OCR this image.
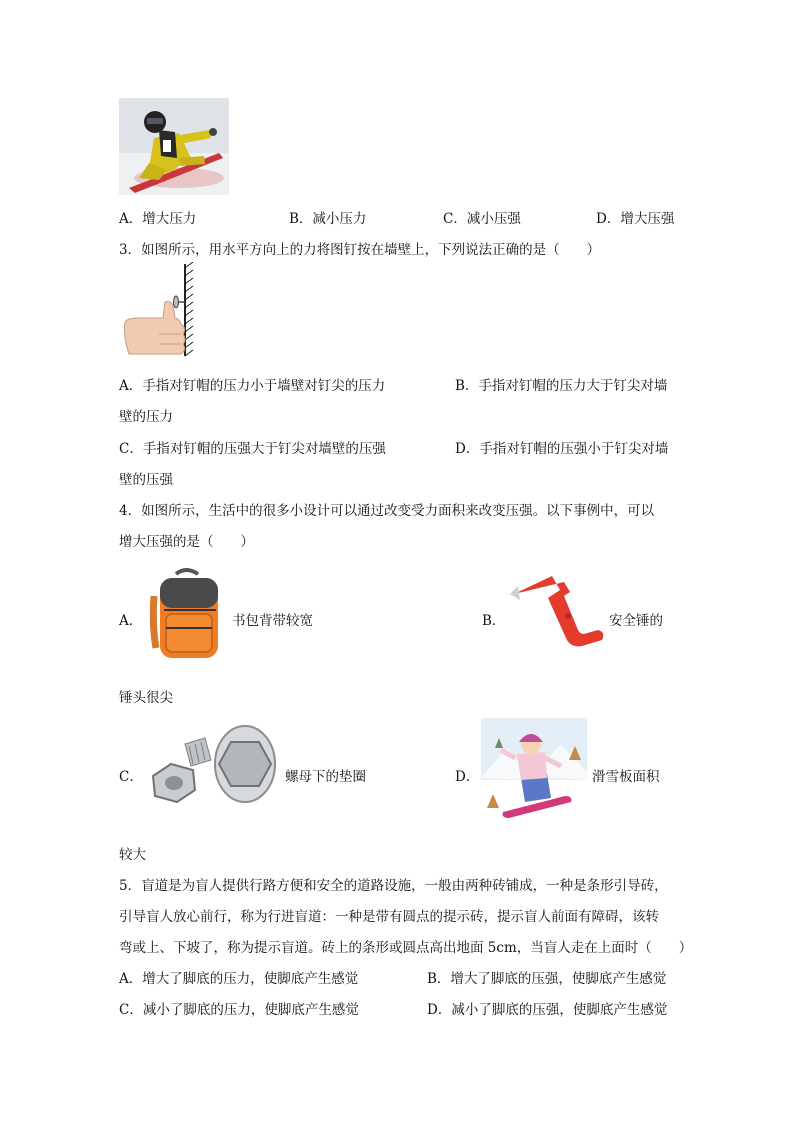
A．增大压力	B．减小压力	C．减小压强	D．增大压强
3．如图所示，用水平方向上的力将图钉按在墙壁上，下列说法正确的是（　　）
A．手指对钉帽的压力小于墙壁对钉尖的压力	B．手指对钉帽的压力大于钉尖对墙
壁的压力
C．手指对钉帽的压强大于钉尖对墙壁的压强	D．手指对钉帽的压强小于钉尖对墙
壁的压强
4．如图所示，生活中的很多小设计可以通过改变受力面积来改变压强。以下事例中，可以
增大压强的是（　　）
A．	书包背带较宽	B．	安全锤的
锤头很尖
C．	螺母下的垫圈	D．	滑雪板面积
较大
5．盲道是为盲人提供行路方便和安全的道路设施，一般由两种砖铺成，一种是条形引导砖，
引导盲人放心前行，称为行进盲道：一种是带有圆点的提示砖，提示盲人前面有障碍，该转
弯或上、下坡了，称为提示盲道。砖上的条形或圆点高出地面 5cm，当盲人走在上面时（　　）
A．增大了脚底的压力，使脚底产生感觉	B．增大了脚底的压强，使脚底产生感觉
C．减小了脚底的压力，使脚底产生感觉	D．减小了脚底的压强，使脚底产生感觉
